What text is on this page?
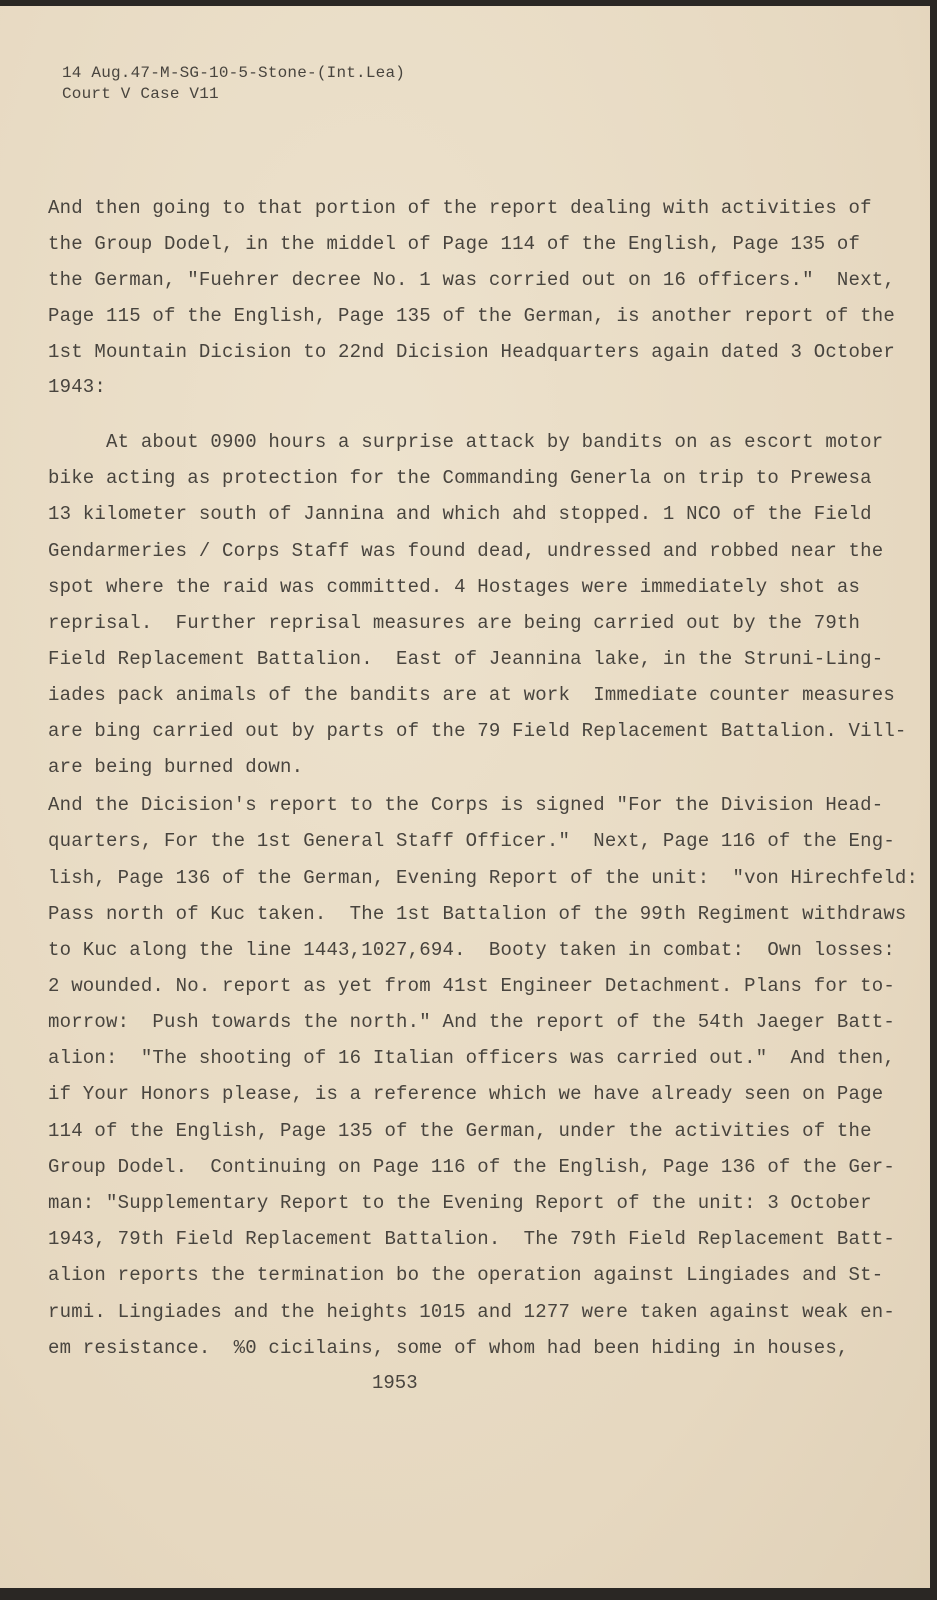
14 Aug.47-M-SG-10-5-Stone-(Int.Lea)
Court V Case V11
And then going to that portion of the report dealing with activities of
the Group Dodel, in the middel of Page 114 of the English, Page 135 of
the German, "Fuehrer decree No. 1 was corried out on 16 officers."  Next,
Page 115 of the English, Page 135 of the German, is another report of the
1st Mountain Dicision to 22nd Dicision Headquarters again dated 3 October
1943:
At about 0900 hours a surprise attack by bandits on as escort motor
bike acting as protection for the Commanding Generla on trip to Prewesa
13 kilometer south of Jannina and which ahd stopped. 1 NCO of the Field
Gendarmeries / Corps Staff was found dead, undressed and robbed near the
spot where the raid was committed. 4 Hostages were immediately shot as
reprisal.  Further reprisal measures are being carried out by the 79th
Field Replacement Battalion.  East of Jeannina lake, in the Struni-Ling-
iades pack animals of the bandits are at work  Immediate counter measures
are bing carried out by parts of the 79 Field Replacement Battalion. Vill-
are being burned down.
And the Dicision's report to the Corps is signed "For the Division Head-
quarters, For the 1st General Staff Officer."  Next, Page 116 of the Eng-
lish, Page 136 of the German, Evening Report of the unit:  "von Hirechfeld:
Pass north of Kuc taken.  The 1st Battalion of the 99th Regiment withdraws
to Kuc along the line 1443,1027,694.  Booty taken in combat:  Own losses:
2 wounded. No. report as yet from 41st Engineer Detachment. Plans for to-
morrow:  Push towards the north." And the report of the 54th Jaeger Batt-
alion:  "The shooting of 16 Italian officers was carried out."  And then,
if Your Honors please, is a reference which we have already seen on Page
114 of the English, Page 135 of the German, under the activities of the
Group Dodel.  Continuing on Page 116 of the English, Page 136 of the Ger-
man: "Supplementary Report to the Evening Report of the unit: 3 October
1943, 79th Field Replacement Battalion.  The 79th Field Replacement Batt-
alion reports the termination bo the operation against Lingiades and St-
rumi. Lingiades and the heights 1015 and 1277 were taken against weak en-
em resistance.  %0 cicilains, some of whom had been hiding in houses,
1953
